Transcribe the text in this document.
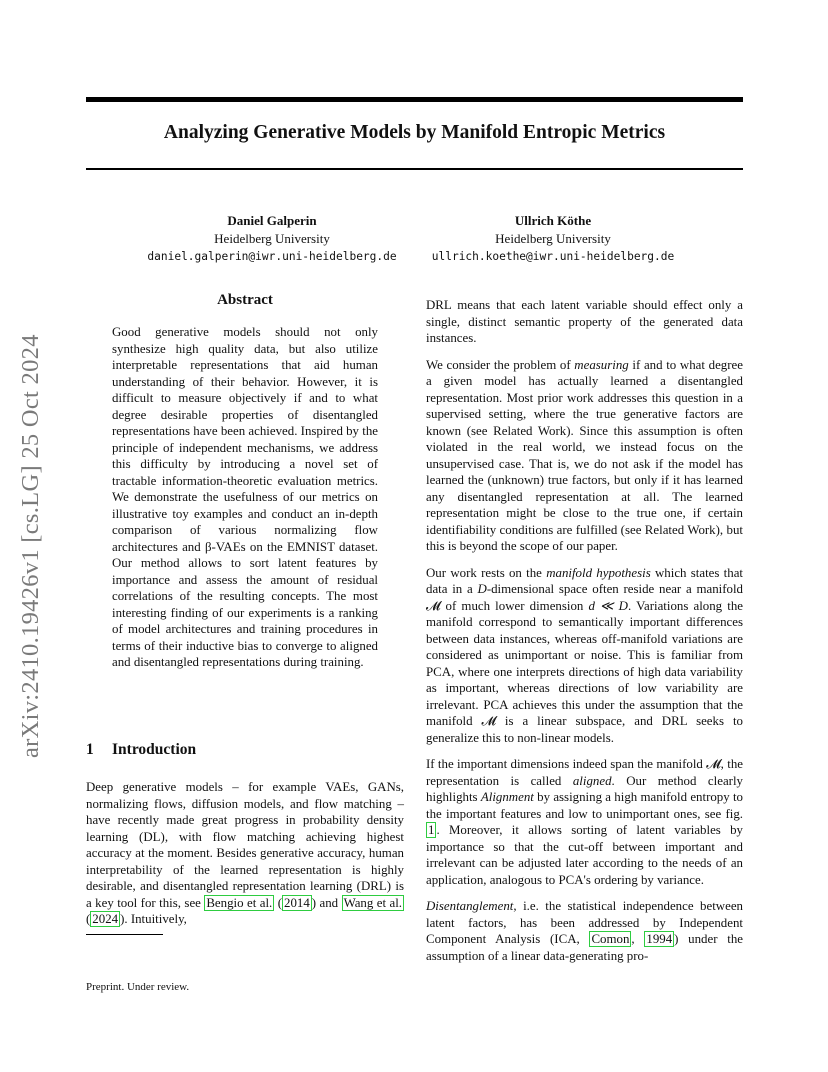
arXiv:2410.19426v1 [cs.LG] 25 Oct 2024
Analyzing Generative Models by Manifold Entropic Metrics
Daniel Galperin
Heidelberg University
daniel.galperin@iwr.uni-heidelberg.de
Ullrich Köthe
Heidelberg University
ullrich.koethe@iwr.uni-heidelberg.de
Abstract
Good generative models should not only synthesize high quality data, but also utilize interpretable representations that aid human understanding of their behavior. However, it is difficult to measure objectively if and to what degree desirable properties of disentangled representations have been achieved. Inspired by the principle of independent mechanisms, we address this difficulty by introducing a novel set of tractable information-theoretic evaluation metrics. We demonstrate the usefulness of our metrics on illustrative toy examples and conduct an in-depth comparison of various normalizing flow architectures and β-VAEs on the EMNIST dataset. Our method allows to sort latent features by importance and assess the amount of residual correlations of the resulting concepts. The most interesting finding of our experiments is a ranking of model architectures and training procedures in terms of their inductive bias to converge to aligned and disentangled representations during training.
1 Introduction

Deep generative models – for example VAEs, GANs, normalizing flows, diffusion models, and flow matching – have recently made great progress in probability density learning (DL), with flow matching achieving highest accuracy at the moment. Besides generative accuracy, human interpretability of the learned representation is highly desirable, and disentangled representation learning (DRL) is a key tool for this, see Bengio et al. ( 2014 ) and Wang et al. ( 2024 ). Intuitively,

Preprint. Under review.

DRL means that each latent variable should effect only a single, distinct semantic property of the generated data instances.

We consider the problem of measuring if and to what degree a given model has actually learned a disentangled representation. Most prior work addresses this question in a supervised setting, where the true generative factors are known (see Related Work). Since this assumption is often violated in the real world, we instead focus on the unsupervised case. That is, we do not ask if the model has learned the (unknown) true factors, but only if it has learned any disentangled representation at all. The learned representation might be close to the true one, if certain identifiability conditions are fulfilled (see Related Work), but this is beyond the scope of our paper.

Our work rests on the manifold hypothesis which states that data in a D-dimensional space often reside near a manifold 𝓜 of much lower dimension d ≪ D. Variations along the manifold correspond to semantically important differences between data instances, whereas off-manifold variations are considered as unimportant or noise. This is familiar from PCA, where one interprets directions of high data variability as important, whereas directions of low variability are irrelevant. PCA achieves this under the assumption that the manifold 𝓜 is a linear subspace, and DRL seeks to generalize this to non-linear models.

If the important dimensions indeed span the manifold 𝓜, the representation is called aligned. Our method clearly highlights Alignment by assigning a high manifold entropy to the important features and low to unimportant ones, see fig. 1 . Moreover, it allows sorting of latent variables by importance so that the cut-off between important and irrelevant can be adjusted later according to the needs of an application, analogous to PCA's ordering by variance.

Disentanglement, i.e. the statistical independence between latent factors, has been addressed by Independent Component Analysis (ICA, Comon , 1994 ) under the assumption of a linear data-generating pro-
